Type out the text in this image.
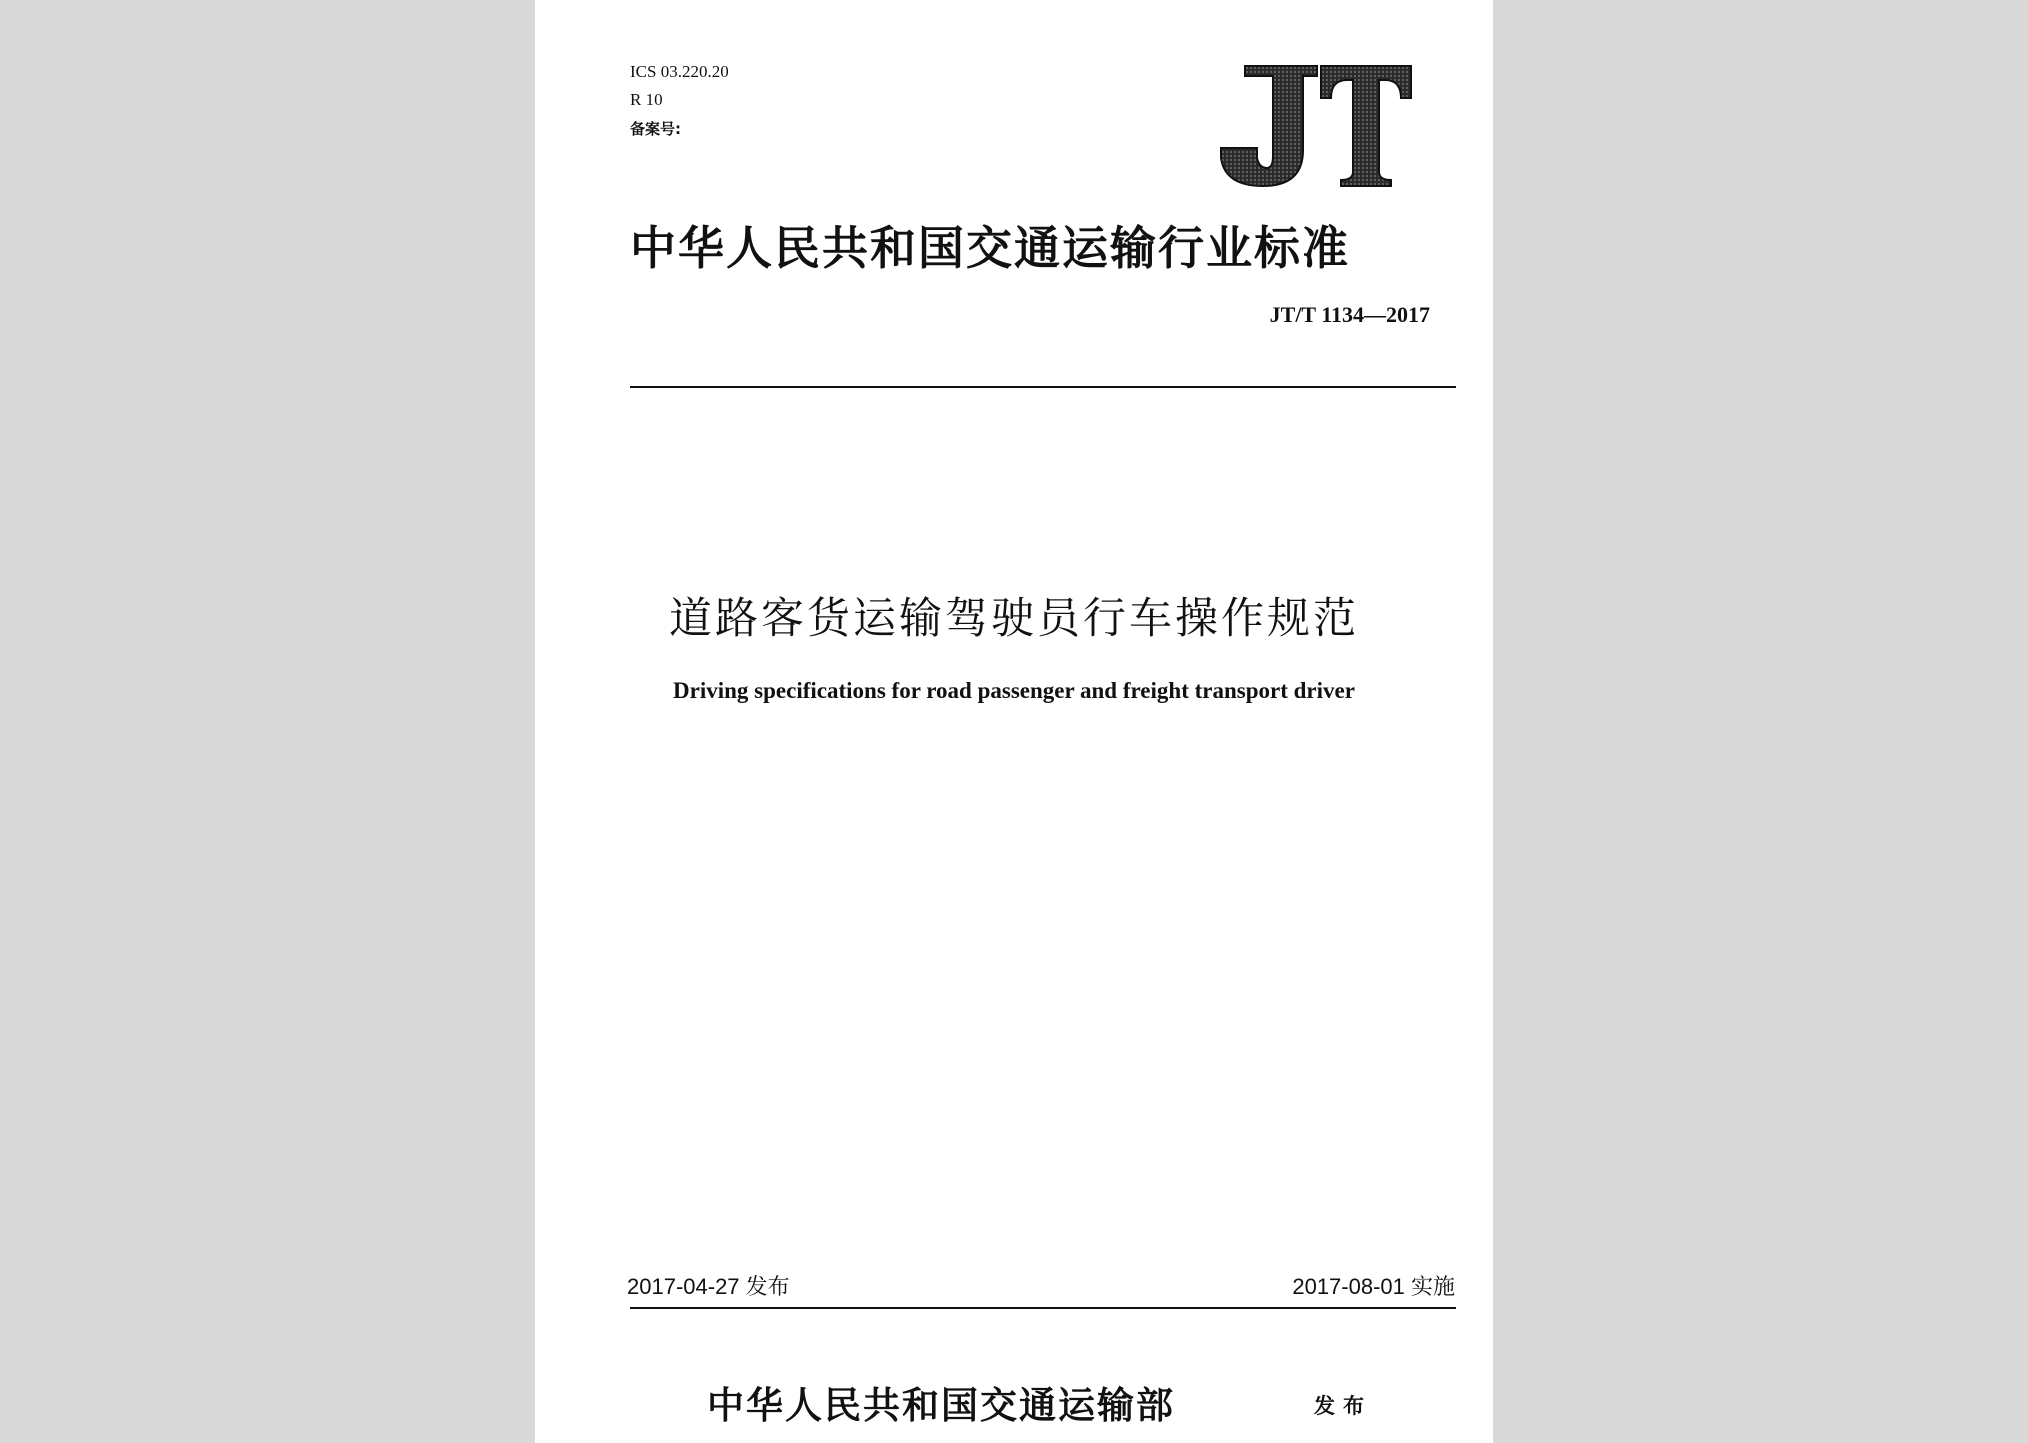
ICS 03.220.20
R 10
备案号:
JT
中华人民共和国交通运输行业标准
JT/T 1134—2017
道路客货运输驾驶员行车操作规范
Driving specifications for road passenger and freight transport driver
2017-04-27 发布	2017-08-01 实施
中华人民共和国交通运输部	发布
